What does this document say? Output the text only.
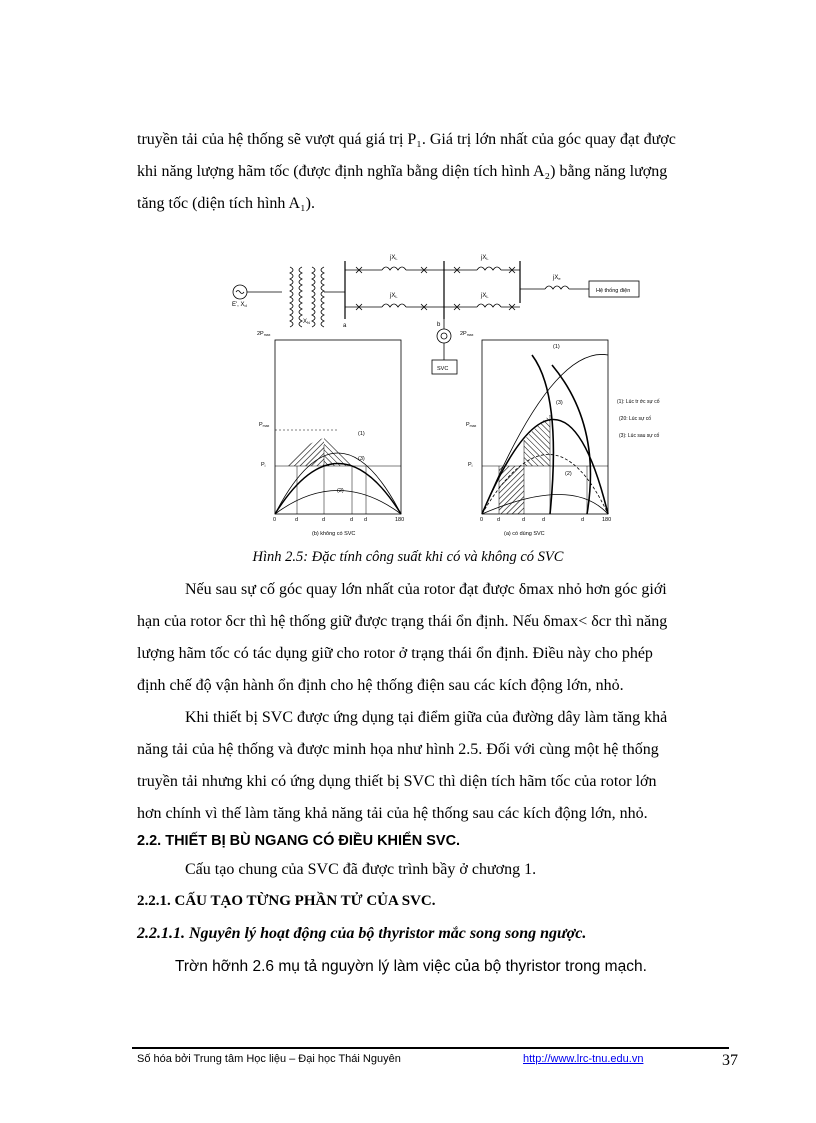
truyền tải của hệ thống sẽ vượt quá giá trị P₁. Giá trị lớn nhất của góc quay đạt được
khi năng lượng hãm tốc (được định nghĩa bằng diện tích hình A₂) bằng năng lượng
tăng tốc (diện tích hình A₁).
jXL	jXL
jXL	jXL
jXe
Hệ thống điện
E', Xd
XN
a	b
SVC
2Pmax
Pmax
Pi
0	180
(1)
(3)
(2)
d	d	d d
(b) không có SVC
2Pmax
Pmax
Pi
0	180
(1)
(3)
(2)
d	d	d	d
(a) có dùng SVC
(1): Lúc tr ớc sự cố
(20: Lúc sự cố
(3): Lúc sau sự cố
Hình 2.5: Đặc tính công suất khi có và không có SVC
Nếu sau sự cố góc quay lớn nhất của rotor đạt được δmax nhỏ hơn góc giới
hạn của rotor δcr thì hệ thống giữ được trạng thái ổn định. Nếu δmax< δcr thì năng
lượng hãm tốc có tác dụng giữ cho rotor ở trạng thái ổn định. Điều này cho phép
định chế độ vận hành ổn định cho hệ thống điện sau các kích động lớn, nhỏ.
Khi thiết bị SVC được ứng dụng tại điểm giữa của đường dây làm tăng khả
năng tải của hệ thống và được minh họa như hình 2.5. Đối với cùng một hệ thống
truyền tải nhưng khi có ứng dụng thiết bị SVC thì diện tích hãm tốc của rotor lớn
hơn chính vì thế làm tăng khả năng tải của hệ thống sau các kích động lớn, nhỏ.
2.2. THIẾT BỊ BÙ NGANG CÓ ĐIỀU KHIỂN SVC.
Cấu tạo chung của SVC đã được trình bầy ở chương 1.
2.2.1. CẤU TẠO TỪNG PHẦN TỬ CỦA SVC.
2.2.1.1. Nguyên lý hoạt động của bộ thyristor mắc song song ngược.
Trờn hỡnh 2.6 mụ tả nguyờn lý làm việc của bộ thyristor trong mạch.
Số hóa bởi Trung tâm Học liệu – Đại học Thái Nguyên	http://www.lrc-tnu.edu.vn	37
